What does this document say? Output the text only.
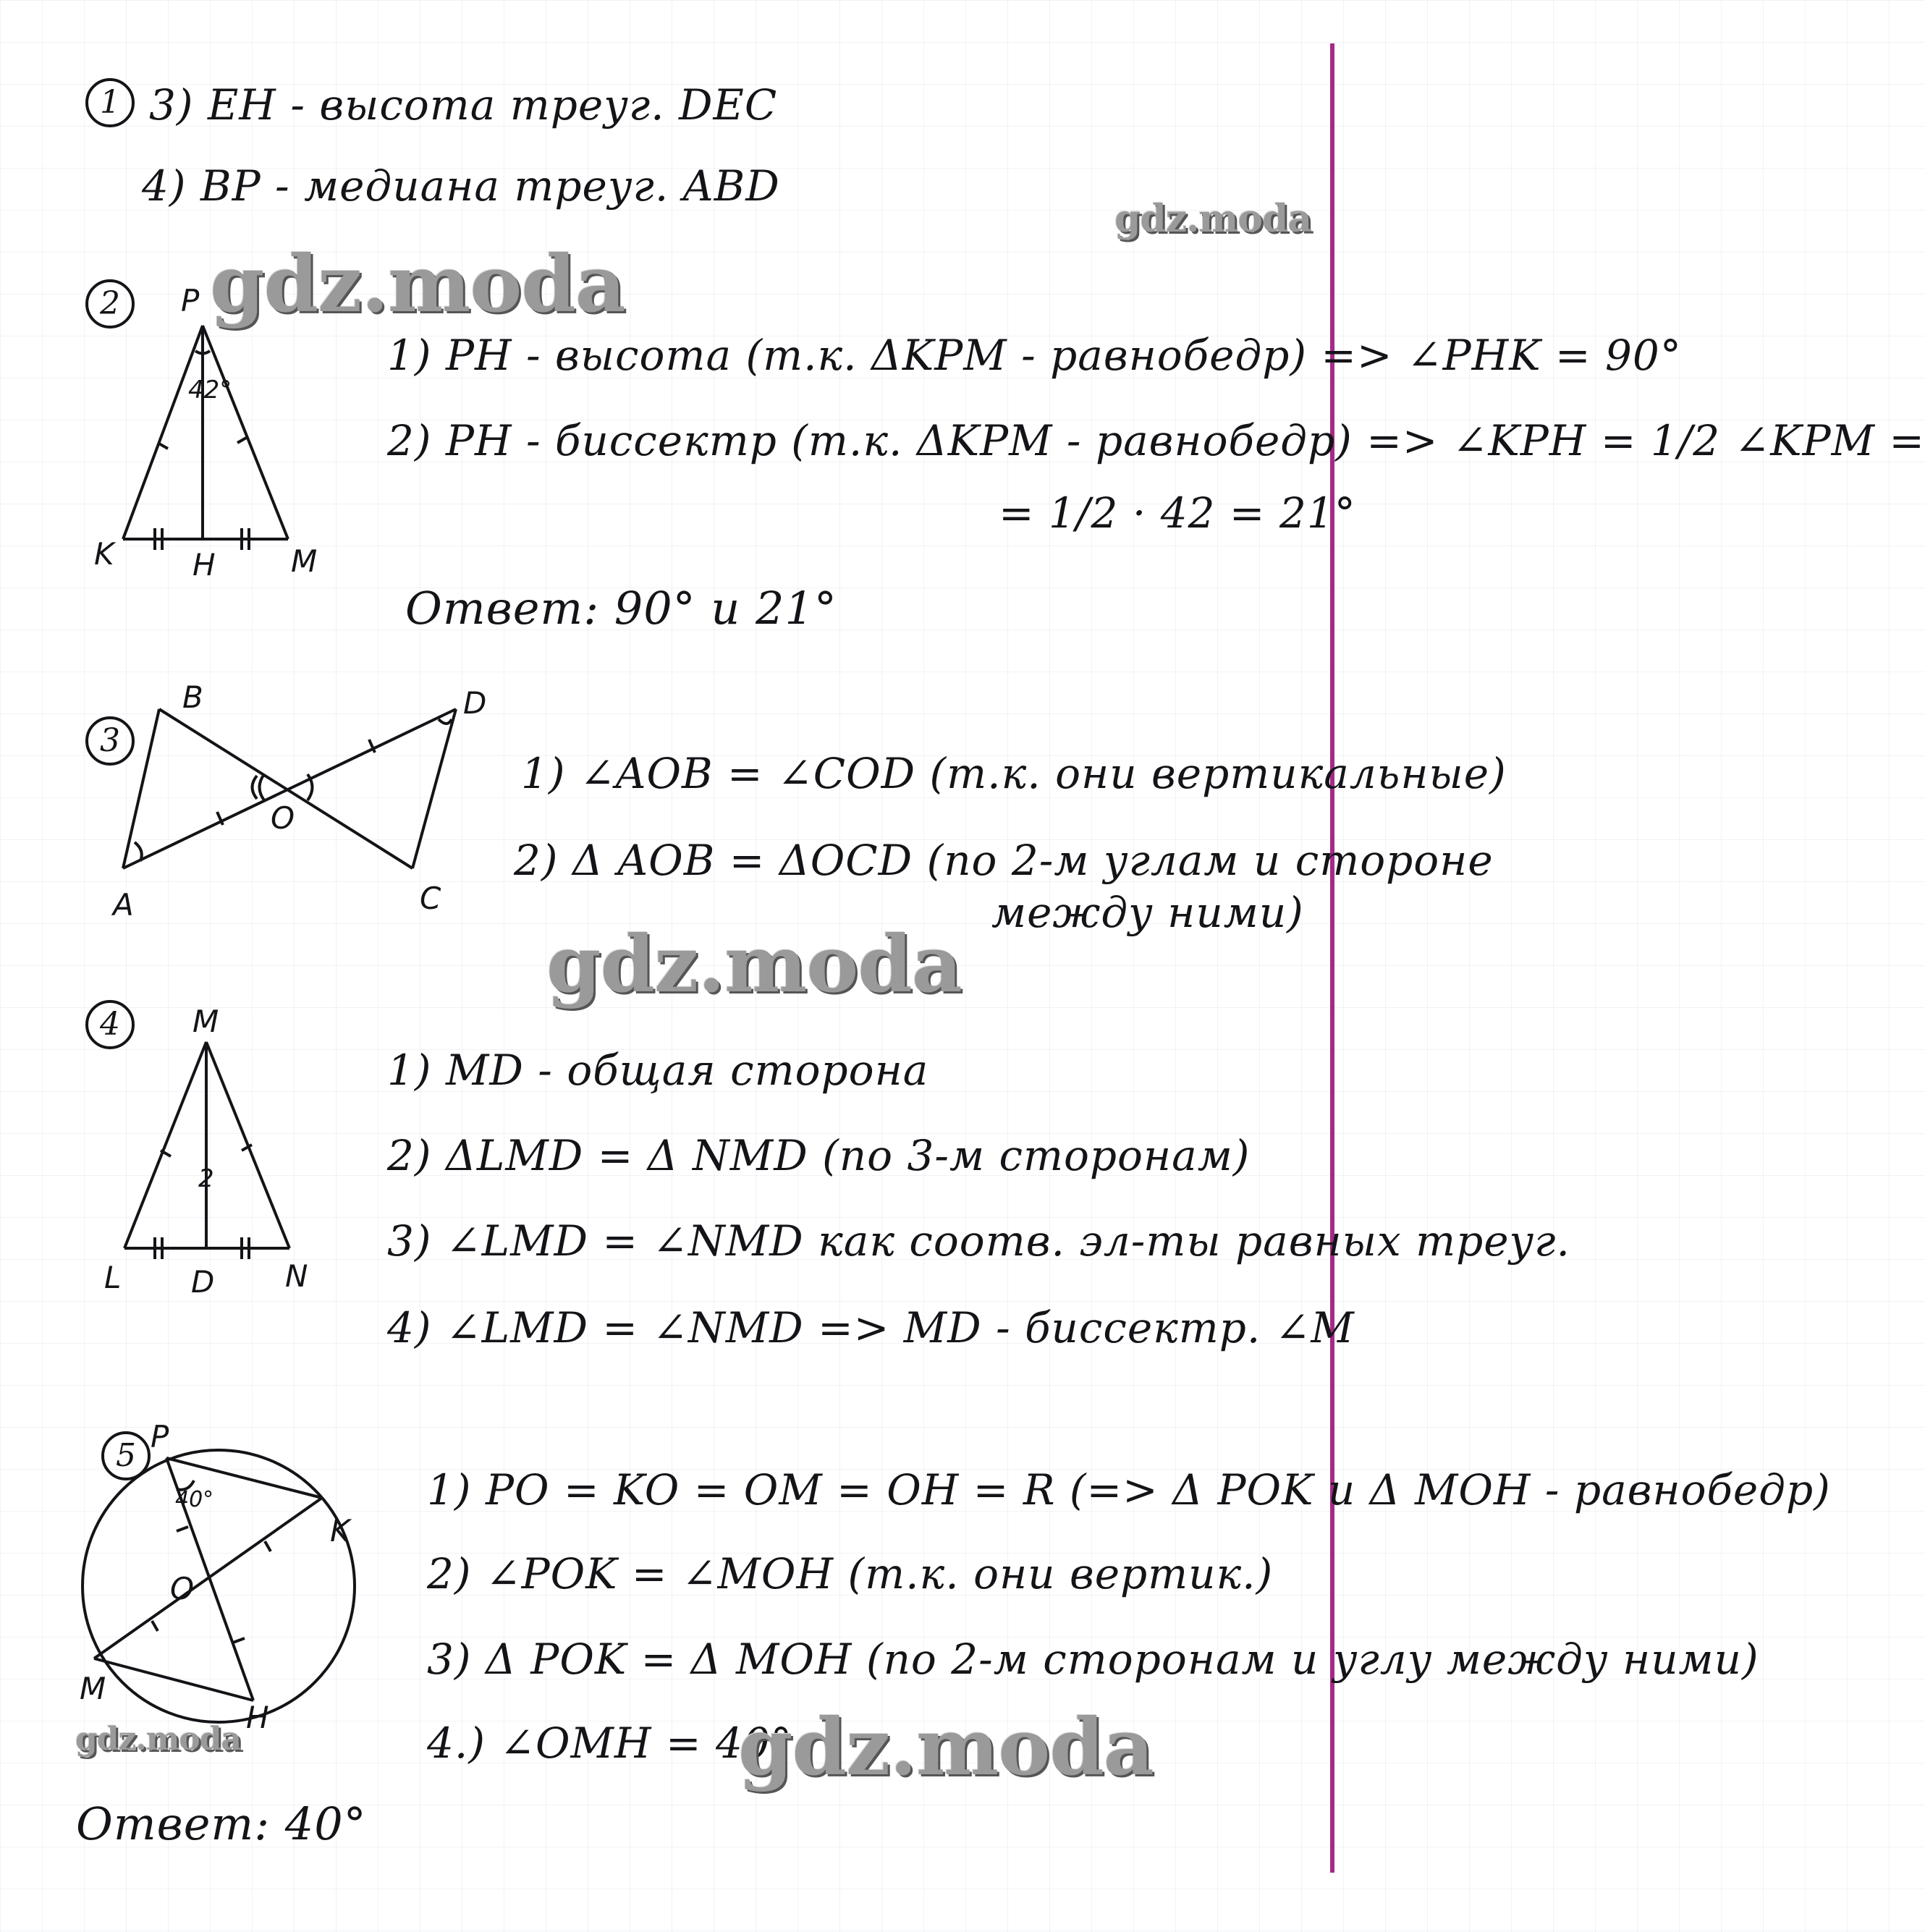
1 3) EH - высота треуг. DEC

4) BP - медиана треуг. ABD

2	P
K	H M
42°

1) PH - высота (т.к. ΔKPM - равнобедр) => ∠PHK = 90°

2) PH - биссектр (т.к. ΔKPM - равнобедр) => ∠KPH = 1/2 ∠KPM =

= 1/2 · 42 = 21°

Ответ: 90° и 21°

3
B	D
A	C
O

1) ∠AOB = ∠COD (т.к. они вертикальные)

2) Δ AOB = ΔOCD (по 2-м углам и стороне

между ними)

4	M
2
L D N

1) MD - общая сторона

2) ΔLMD = Δ NMD (по 3-м сторонам)

3) ∠LMD = ∠NMD как соотв. эл-ты равных треуг.

4) ∠LMD = ∠NMD => MD - биссектр. ∠M

5
P
K
O
M
H
40°	1) PO = KO = OM = OH = R (=> Δ POK и Δ MOH - равнобедр)

2) ∠POK = ∠MOH (т.к. они вертик.)

3) Δ POK = Δ MOH (по 2-м сторонам и углу между ними)

4.) ∠OMH = 40°

Ответ: 40°

gdz.moda

gdz.moda

gdz.moda

gdz.moda	gdz.moda
